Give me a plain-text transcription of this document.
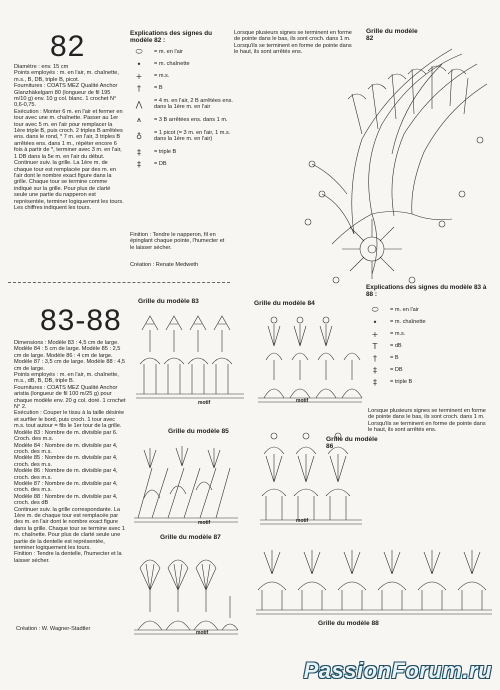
82
Diamètre : env. 15 cm
Points employés : m. en l'air, m. chaînette, m.s., B, DB, triple B, picot.
Fournitures : COATS MEZ Qualité Anchor Glanzhäkelgarn 80 (longueur de fil 195 m/10 g) env. 10 g col. blanc. 1 crochet N° 0,6-0,75.
Exécution : Monter 6 m. en l'air et fermer en tour avec une m. chaînette. Passer au 1er tour avec 5 m. en l'air pour remplacer la 1ère triple B, puis croch. 2 triples B arrêtées ens. dans le rond, * 7 m. en l'air, 3 triples B arrêtées ens. dans 1 m., répéter encore 6 fois à partir de *, terminer avec 3 m. en l'air, 1 DB dans la 5e m. en l'air du début. Continuer suiv. la grille. La 1ère m. de chaque tour est remplacée par des m. en l'air dont le nombre exact figure dans la grille. Chaque tour se termine comme indiqué sur la grille. Pour plus de clarté seule une partie du napperon est représentée, terminer logiquement les tours. Les chiffres indiquent les tours.
Explications des signes du modèle 82 :
⬭	= m. en l'air
•	= m. chaînette
+	= m.s.
†	= B
⋀	= 4 m. en l'air, 2 B arrêtées ens. dans la 1ère m. en l'air
⩚	= 3 B arrêtées ens. dans 1 m.
♁	= 1 picot (= 3 m. en l'air, 1 m.s. dans la 1ère m. en l'air)
‡	= triple B
‡	= DB
Finition : Tendre le napperon, fil en épinglant chaque pointe, l'humecter et le laisser sécher.
Création : Renate Medweth
Lorsque plusieurs signes se terminent en forme de pointe dans le bas, ils sont croch. dans 1 m. Lorsqu'ils se terminent en forme de pointe dans le haut, ils sont arrêtés ens.
Grille du modèle 82
83-88
Dimensions : Modèle 83 : 4,5 cm de large. Modèle 84 : 5 cm de large. Modèle 85 : 2,5 cm de large. Modèle 86 : 4 cm de large. Modèle 87 : 3,5 cm de large. Modèle 88 : 4,5 cm de large.
Points employés : m. en l'air, m. chaînette, m.s., dB, B, DB, triple B.
Fournitures : COATS MEZ Qualité Anchor aristia (longueur de fil 100 m/25 g) pour chaque modèle env. 20 g col. doré. 1 crochet N° 2.
Exécution : Couper le tissu à la taille désirée et surfiler le bord, puis croch. 1 tour avec m.s. tout autour = fils le 1er tour de la grille.
Modèle 83 : Nombre de m. divisible par 6. Croch. des m.s.
Modèle 84 : Nombre de m. divisible par 4, croch. des m.s.
Modèle 85 : Nombre de m. divisible par 4, croch. des m.s.
Modèle 86 : Nombre de m. divisible par 4, croch. des m.s.
Modèle 87 : Nombre de m. divisible par 4, croch. des m.s.
Modèle 88 : Nombre de m. divisible par 4, croch. des dB
Continuer suiv. la grille correspondante. La 1ère m. de chaque tour est remplacée par des m. en l'air dont le nombre exact figure dans la grille. Chaque tour se termine avec 1 m. chaînette. Pour plus de clarté seule une partie de la dentelle est représentée, terminer logiquement les tours.
Finition : Tendre la dentelle, l'humecter et la laisser sécher.
Création : W. Wagner-Stadtler
Explications des signes du modèle 83 à 88 :
⬭	= m. en l'air
•	= m. chaînette
+	= m.s.
T	= dB
†	= B
‡	= DB
‡	= triple B
Lorsque plusieurs signes se terminent en forme de pointe dans le bas, ils sont croch. dans 1 m. Lorsqu'ils se terminent en forme de pointe dans le haut, ils sont arrêtés ens.
Grille du modèle 83	Grille du modèle 84
Grille du modèle 85
Grille du modèle 86
Grille du modèle 87
Grille du modèle 88
motif	motif
motif	motif
motif
PassionForum.ru
